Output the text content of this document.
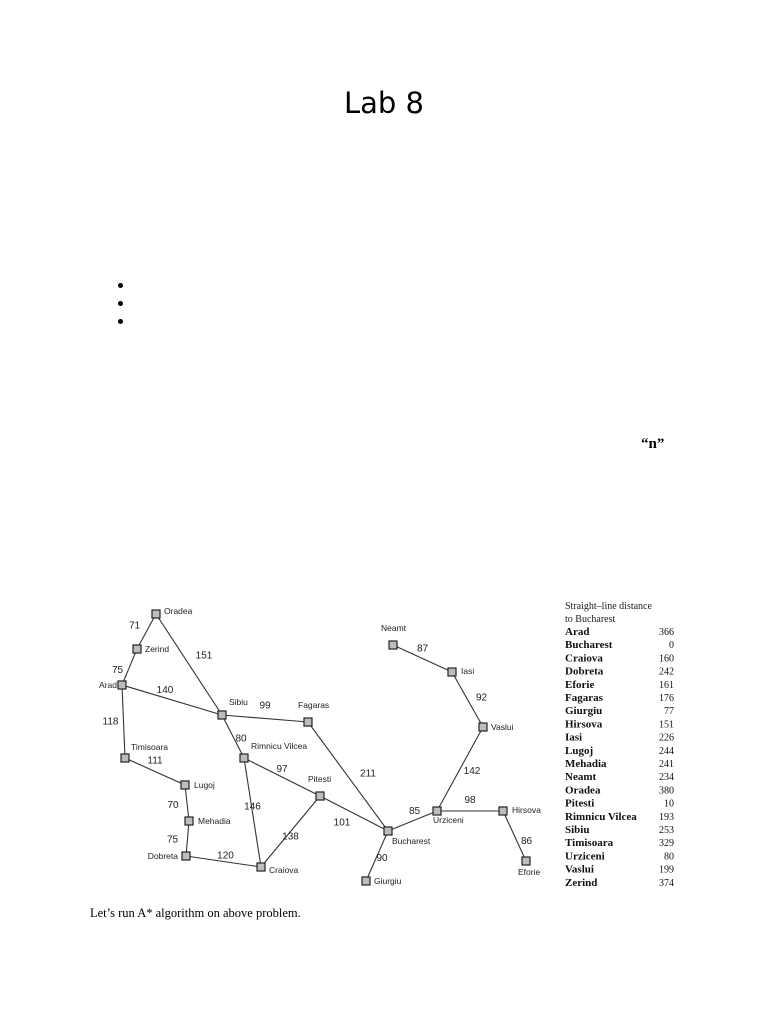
Lab 8
“n”
71
75
151
140
118
111
70
75
120
99
80
97
146
138
101
211
90
85
98
86
142
92
87
Oradea
Zerind
Arad
Timisoara
Lugoj
Mehadia
Dobreta
Craiova
Sibiu
Rimnicu Vilcea
Fagaras
Pitesti
Bucharest
Giurgiu
Urziceni
Hirsova
Eforie
Vaslui
Iasi
Neamt
Straight–line distance
to Bucharest
Arad	366
Bucharest	0
Craiova	160
Dobreta	242
Eforie	161
Fagaras	176
Giurgiu	77
Hirsova	151
Iasi	226
Lugoj	244
Mehadia	241
Neamt	234
Oradea	380
Pitesti	10
Rimnicu Vilcea 193
Sibiu	253
Timisoara	329
Urziceni	80
Vaslui	199
Zerind	374

Let’s run A* algorithm on above problem.
